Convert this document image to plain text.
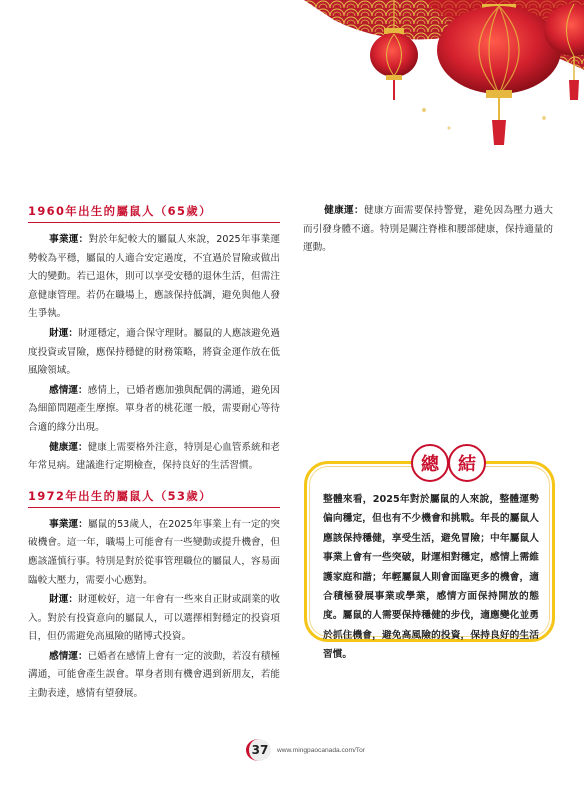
1960年出生的屬鼠人（65歲）

事業運：對於年紀較大的屬鼠人來說，2025年事業運勢較為平穩，屬鼠的人適合安定過度，不宜過於冒險或做出大的變動。若已退休，則可以享受安穩的退休生活，但需注意健康管理。若仍在職場上，應該保持低調，避免與他人發生爭執。

財運：財運穩定，適合保守理財。屬鼠的人應該避免過度投資或冒險，應保持穩健的財務策略，將資金運作放在低風險領域。

感情運：感情上，已婚者應加強與配偶的溝通，避免因為細節問題產生摩擦。單身者的桃花運一般，需要耐心等待合適的緣分出現。

健康運：健康上需要格外注意，特別是心血管系統和老年常見病。建議進行定期檢查，保持良好的生活習慣。

1972年出生的屬鼠人（53歲）

事業運：屬鼠的53歲人，在2025年事業上有一定的突破機會。這一年，職場上可能會有一些變動或提升機會，但應該謹慎行事。特別是對於從事管理職位的屬鼠人，容易面臨較大壓力，需要小心應對。

財運：財運較好，這一年會有一些來自正財或副業的收入。對於有投資意向的屬鼠人，可以選擇相對穩定的投資項目，但仍需避免高風險的賭博式投資。

感情運：已婚者在感情上會有一定的波動，若沒有積極溝通，可能會產生誤會。單身者則有機會遇到新朋友，若能主動表達，感情有望發展。

健康運：健康方面需要保持警覺，避免因為壓力過大而引發身體不適。特別是關注脊椎和腰部健康，保持適量的運動。

總	結
整體來看，2025年對於屬鼠的人來說，整體運勢偏向穩定，但也有不少機會和挑戰。年長的屬鼠人應該保持穩健，享受生活，避免冒險；中年屬鼠人事業上會有一些突破，財運相對穩定，感情上需維護家庭和諧；年輕屬鼠人則會面臨更多的機會，適合積極發展事業或學業，感情方面保持開放的態度。屬鼠的人需要保持穩健的步伐，適應變化並勇於抓住機會，避免高風險的投資，保持良好的生活習慣。
37	www.mingpaocanada.com/Tor
